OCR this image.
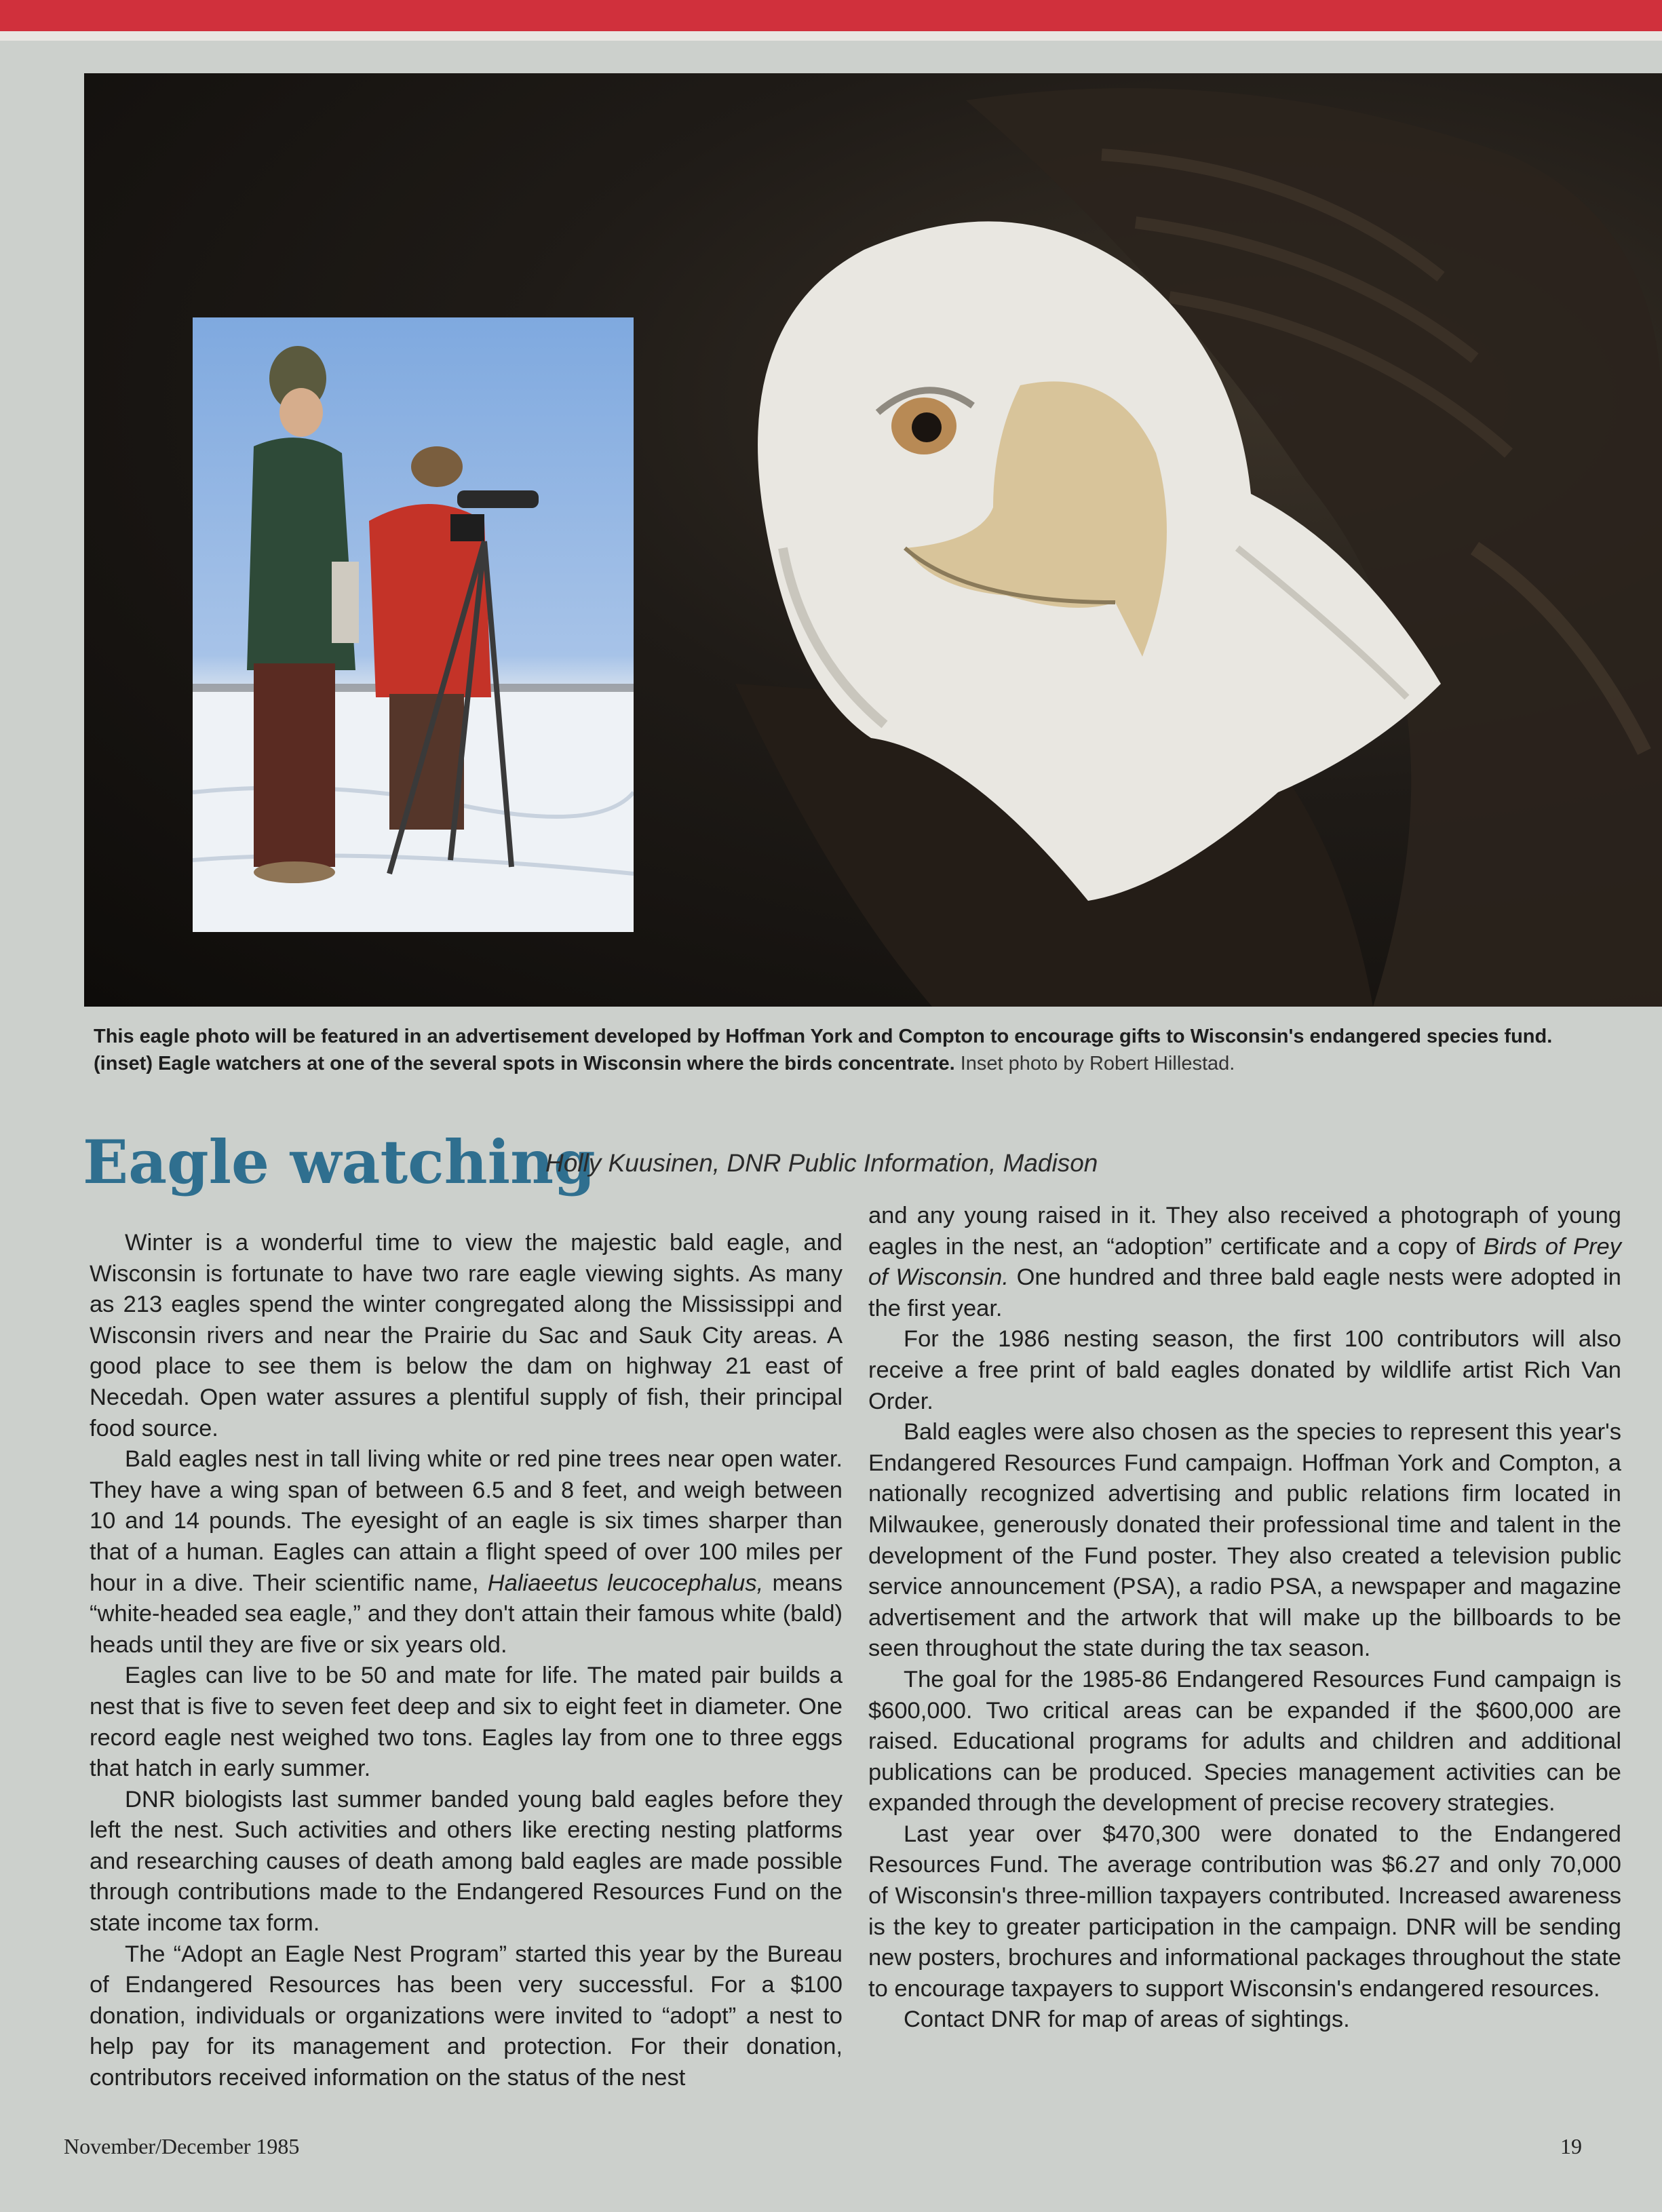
This eagle photo will be featured in an advertisement developed by Hoffman York and Compton to encourage gifts to Wisconsin's endangered species fund. (inset) Eagle watchers at one of the several spots in Wisconsin where the birds concentrate. Inset photo by Robert Hillestad.
Eagle watching
Holly Kuusinen, DNR Public Information, Madison

Winter is a wonderful time to view the majestic bald eagle, and Wisconsin is fortunate to have two rare eagle viewing sights. As many as 213 eagles spend the winter congregated along the Mississippi and Wisconsin rivers and near the Prairie du Sac and Sauk City areas. A good place to see them is below the dam on highway 21 east of Necedah. Open water assures a plentiful supply of fish, their principal food source.

Bald eagles nest in tall living white or red pine trees near open water. They have a wing span of between 6.5 and 8 feet, and weigh between 10 and 14 pounds. The eyesight of an eagle is six times sharper than that of a human. Eagles can attain a flight speed of over 100 miles per hour in a dive. Their scientific name, Haliaeetus leucocephalus, means “white-headed sea eagle,” and they don't attain their famous white (bald) heads until they are five or six years old.

Eagles can live to be 50 and mate for life. The mated pair builds a nest that is five to seven feet deep and six to eight feet in diameter. One record eagle nest weighed two tons. Eagles lay from one to three eggs that hatch in early summer.

DNR biologists last summer banded young bald eagles before they left the nest. Such activities and others like erecting nesting platforms and researching causes of death among bald eagles are made possible through contributions made to the Endangered Resources Fund on the state income tax form.

The “Adopt an Eagle Nest Program” started this year by the Bureau of Endangered Resources has been very successful. For a $100 donation, individuals or organizations were invited to “adopt” a nest to help pay for its management and protection. For their donation, contributors received information on the status of the nest

and any young raised in it. They also received a photograph of young eagles in the nest, an “adoption” certificate and a copy of Birds of Prey of Wisconsin. One hundred and three bald eagle nests were adopted in the first year.

For the 1986 nesting season, the first 100 contributors will also receive a free print of bald eagles donated by wildlife artist Rich Van Order.

Bald eagles were also chosen as the species to represent this year's Endangered Resources Fund campaign. Hoffman York and Compton, a nationally recognized advertising and public relations firm located in Milwaukee, generously donated their professional time and talent in the development of the Fund poster. They also created a television public service announcement (PSA), a radio PSA, a newspaper and magazine advertisement and the artwork that will make up the billboards to be seen throughout the state during the tax season.

The goal for the 1985-86 Endangered Resources Fund campaign is $600,000. Two critical areas can be expanded if the $600,000 are raised. Educational programs for adults and children and additional publications can be produced. Species management activities can be expanded through the development of precise recovery strategies.

Last year over $470,300 were donated to the Endangered Resources Fund. The average contribution was $6.27 and only 70,000 of Wisconsin's three-million taxpayers contributed. Increased awareness is the key to greater participation in the campaign. DNR will be sending new posters, brochures and informational packages throughout the state to encourage taxpayers to support Wisconsin's endangered resources.

Contact DNR for map of areas of sightings.

November/December 1985	19
